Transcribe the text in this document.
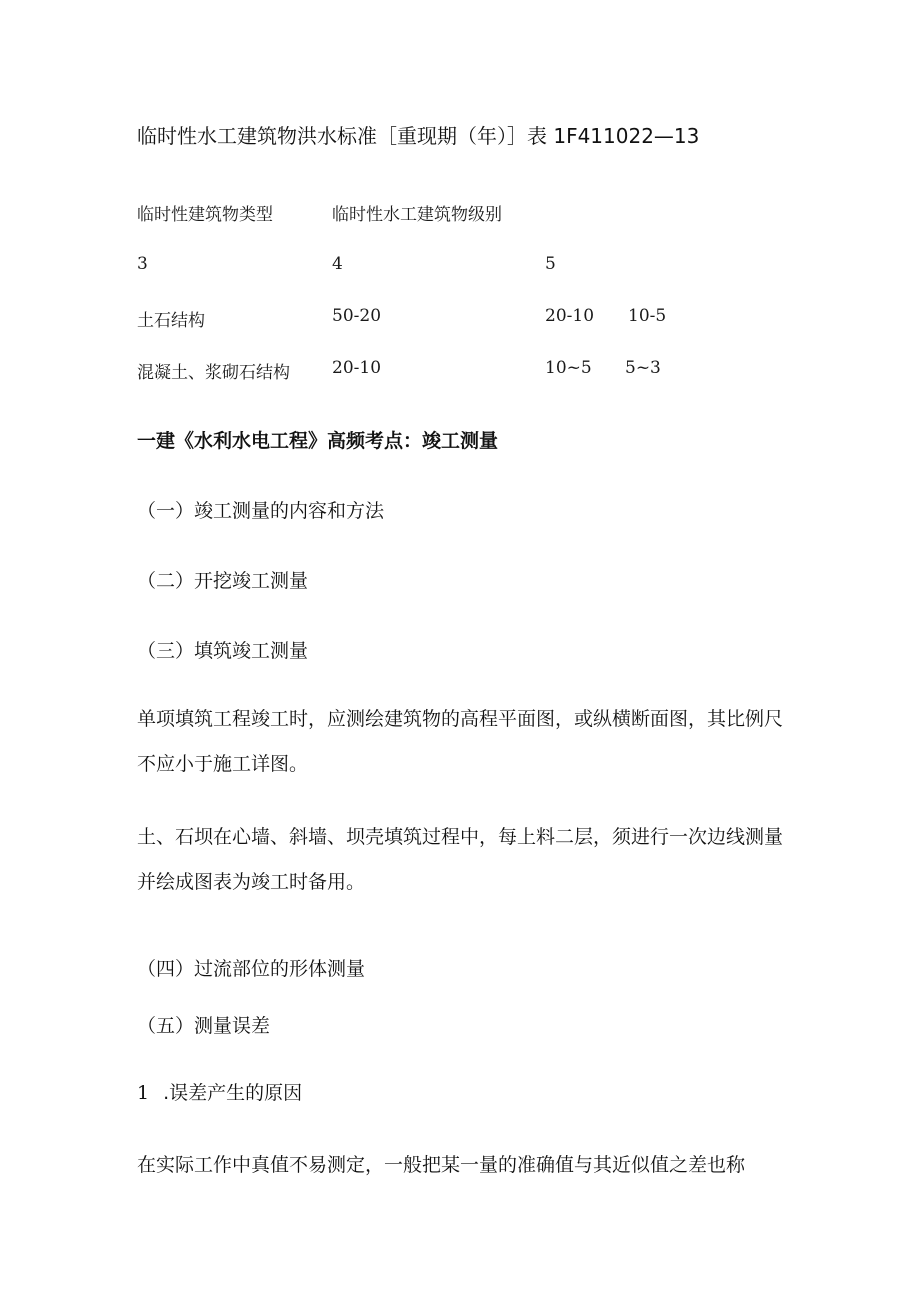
临时性水工建筑物洪水标准［重现期（年）］表 1F411022—13
临时性建筑物类型	临时性水工建筑物级别
3	4	5
土石结构	50-20	20-10 10-5
混凝土、浆砌石结构 20-10	10~5 5~3
一建《水利水电工程》高频考点：竣工测量
（一）竣工测量的内容和方法
（二）开挖竣工测量
（三）填筑竣工测量
单项填筑工程竣工时，应测绘建筑物的高程平面图，或纵横断面图，其比例尺不应小于施工详图。
土、石坝在心墙、斜墙、坝壳填筑过程中，每上料二层，须进行一次边线测量并绘成图表为竣工时备用。
（四）过流部位的形体测量
（五）测量误差
1 .误差产生的原因
在实际工作中真值不易测定，一般把某一量的准确值与其近似值之差也称
